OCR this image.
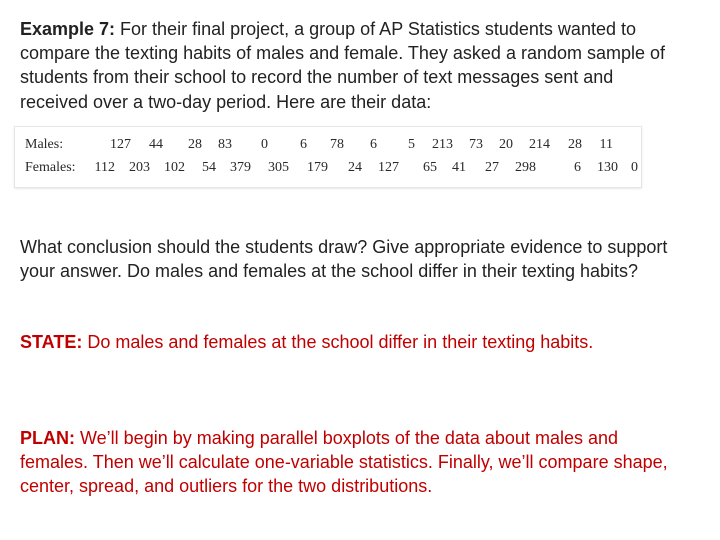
Example 7: For their final project, a group of AP Statistics students wanted to compare the texting habits of males and female. They asked a random sample of students from their school to record the number of text messages sent and received over a two-day period. Here are their data:

Males:	127	44	28	83	0	6	78	6	5 213	73	20 214	28	11
Females: 112 203 102	54 379 305 179	24 127	65	41	27 298	6 130 0

What conclusion should the students draw? Give appropriate evidence to support your answer. Do males and females at the school differ in their texting habits?

STATE: Do males and females at the school differ in their texting habits.

PLAN: We’ll begin by making parallel boxplots of the data about males and females. Then we’ll calculate one-variable statistics. Finally, we’ll compare shape, center, spread, and outliers for the two distributions.
